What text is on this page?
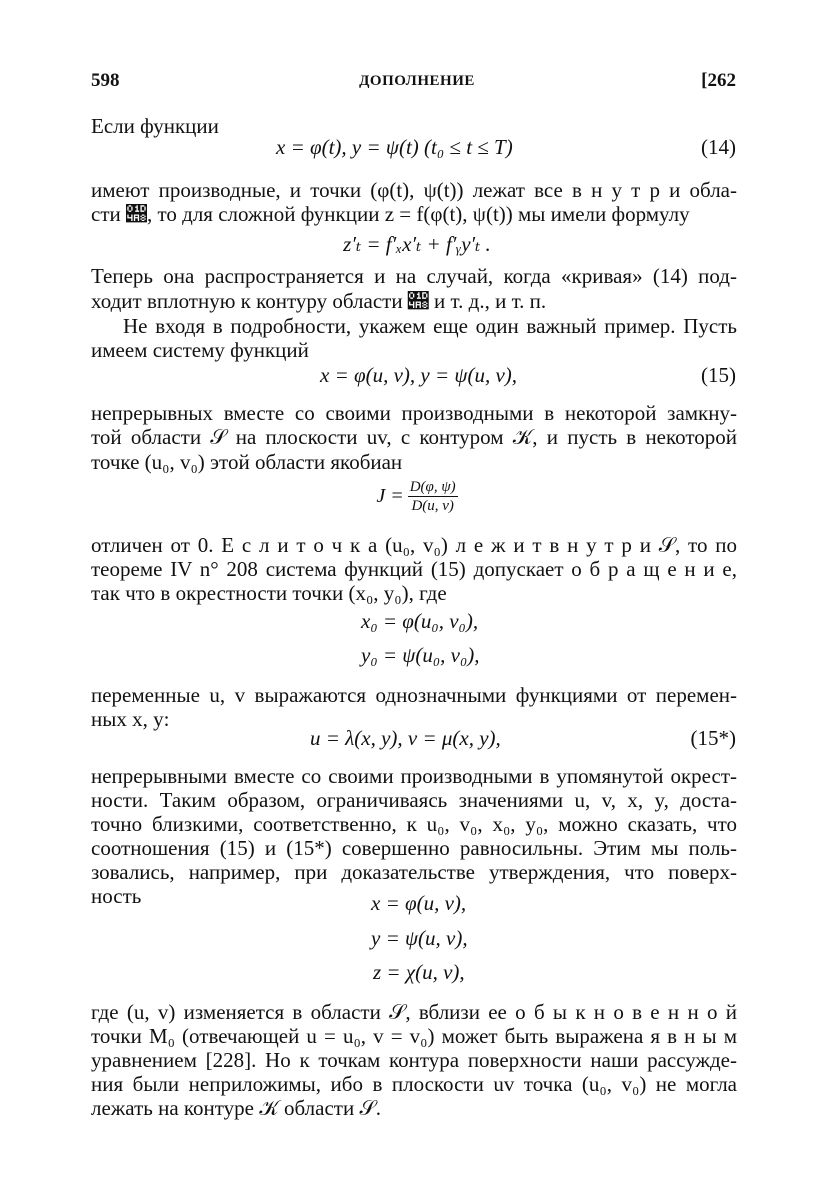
598	ДОПОЛНЕНИЕ	[262
Если функции
x = φ(t), y = ψ(t) (t₀ ≤ t ≤ T)	(14)
имеют производные, и точки (φ(t), ψ(t)) лежат все в н у т р и обла-
сти 𝒨, то для сложной функции z = f(φ(t), ψ(t)) мы имели формулу
z′ₜ = f′ₓx′ₜ + f′ᵧy′ₜ .
Теперь она распространяется и на случай, когда «кривая» (14) под-
ходит вплотную к контуру области 𝒨 и т. д., и т. п.
Не входя в подробности, укажем еще один важный пример. Пусть
имеем систему функций
x = φ(u, v), y = ψ(u, v),	(15)
непрерывных вместе со своими производными в некоторой замкну-
той области 𝒮 на плоскости uv, с контуром 𝒦, и пусть в некоторой
точке (u₀, v₀) этой области якобиан
$J = \frac{D(\varphi, \psi)}{D(u, v)}$
отличен от 0. Е с л и т о ч к а (u₀, v₀) л е ж и т в н у т р и 𝒮, то по
теореме IV n° 208 система функций (15) допускает о б р а щ е н и е,
так что в окрестности точки (x₀, y₀), где
x₀ = φ(u₀, v₀),
y₀ = ψ(u₀, v₀),
переменные u, v выражаются однозначными функциями от перемен-
ных x, y:
u = λ(x, y), v = μ(x, y),	(15*)
непрерывными вместе со своими производными в упомянутой окрест-
ности. Таким образом, ограничиваясь значениями u, v, x, y, доста-
точно близкими, соответственно, к u₀, v₀, x₀, y₀, можно сказать, что
соотношения (15) и (15*) совершенно равносильны. Этим мы поль-
зовались, например, при доказательстве утверждения, что поверх-
ность	x = φ(u, v),
y = ψ(u, v),
z = χ(u, v),
где (u, v) изменяется в области 𝒮, вблизи ее о б ы к н о в е н н о й
точки M₀ (отвечающей u = u₀, v = v₀) может быть выражена я в н ы м
уравнением [228]. Но к точкам контура поверхности наши рассужде-
ния были неприложимы, ибо в плоскости uv точка (u₀, v₀) не могла
лежать на контуре 𝒦 области 𝒮.
